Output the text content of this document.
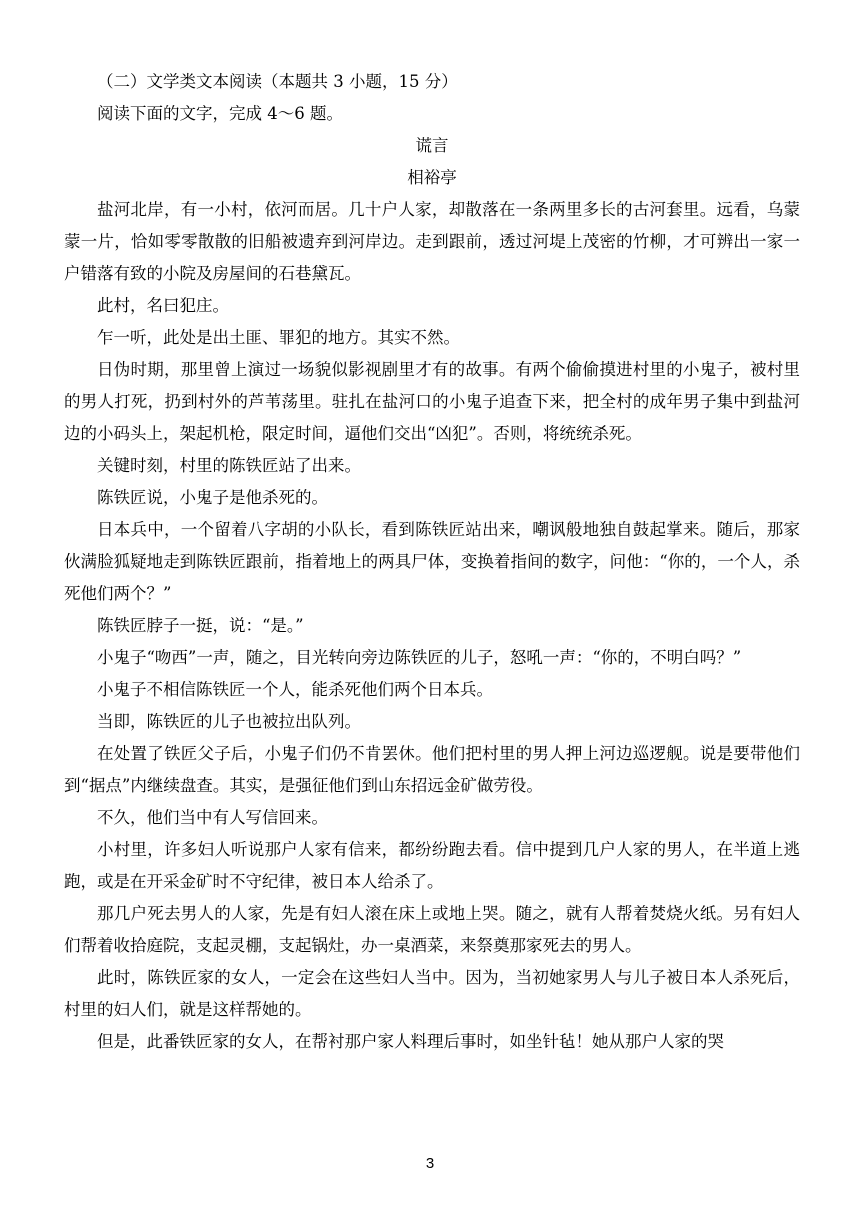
（二）文学类文本阅读（本题共 3 小题，15 分）

阅读下面的文字，完成 4～6 题。

谎言

相裕亭

盐河北岸，有一小村，依河而居。几十户人家，却散落在一条两里多长的古河套里。远看，乌蒙蒙一片，恰如零零散散的旧船被遗弃到河岸边。走到跟前，透过河堤上茂密的竹柳，才可辨出一家一户错落有致的小院及房屋间的石巷黛瓦。

此村，名曰犯庄。

乍一听，此处是出土匪、罪犯的地方。其实不然。

日伪时期，那里曾上演过一场貌似影视剧里才有的故事。有两个偷偷摸进村里的小鬼子，被村里的男人打死，扔到村外的芦苇荡里。驻扎在盐河口的小鬼子追查下来，把全村的成年男子集中到盐河边的小码头上，架起机枪，限定时间，逼他们交出“凶犯”。否则，将统统杀死。

关键时刻，村里的陈铁匠站了出来。

陈铁匠说，小鬼子是他杀死的。

日本兵中，一个留着八字胡的小队长，看到陈铁匠站出来，嘲讽般地独自鼓起掌来。随后，那家伙满脸狐疑地走到陈铁匠跟前，指着地上的两具尸体，变换着指间的数字，问他：“你的，一个人，杀死他们两个？”

陈铁匠脖子一挺，说：“是。”

小鬼子“吻西”一声，随之，目光转向旁边陈铁匠的儿子，怒吼一声：“你的，不明白吗？”

小鬼子不相信陈铁匠一个人，能杀死他们两个日本兵。

当即，陈铁匠的儿子也被拉出队列。

在处置了铁匠父子后，小鬼子们仍不肯罢休。他们把村里的男人押上河边巡逻舰。说是要带他们到“据点”内继续盘查。其实，是强征他们到山东招远金矿做劳役。

不久，他们当中有人写信回来。

小村里，许多妇人听说那户人家有信来，都纷纷跑去看。信中提到几户人家的男人，在半道上逃跑，或是在开采金矿时不守纪律，被日本人给杀了。

那几户死去男人的人家，先是有妇人滚在床上或地上哭。随之，就有人帮着焚烧火纸。另有妇人们帮着收拾庭院，支起灵棚，支起锅灶，办一桌酒菜，来祭奠那家死去的男人。

此时，陈铁匠家的女人，一定会在这些妇人当中。因为，当初她家男人与儿子被日本人杀死后，村里的妇人们，就是这样帮她的。

但是，此番铁匠家的女人，在帮衬那户家人料理后事时，如坐针毡！她从那户人家的哭

3
